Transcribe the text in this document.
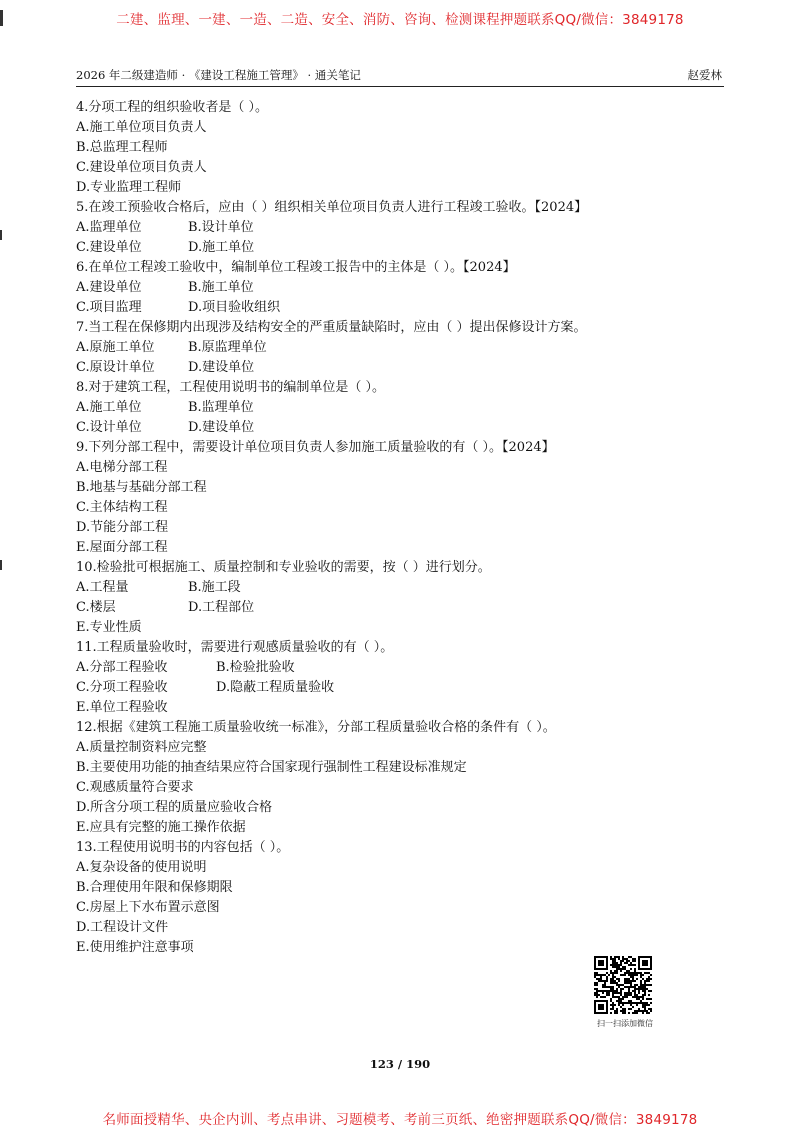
二建、监理、一建、一造、二造、安全、消防、咨询、检测课程押题联系QQ/微信：3849178
2026 年二级建造师 · 《建设工程施工管理》 · 通关笔记	赵爱林
4.分项工程的组织验收者是（ ）。
A.施工单位项目负责人
B.总监理工程师
C.建设单位项目负责人
D.专业监理工程师
5.在竣工预验收合格后，应由（ ）组织相关单位项目负责人进行工程竣工验收。【2024】
A.监理单位	B.设计单位
C.建设单位	D.施工单位
6.在单位工程竣工验收中，编制单位工程竣工报告中的主体是（ ）。【2024】
A.建设单位	B.施工单位
C.项目监理	D.项目验收组织
7.当工程在保修期内出现涉及结构安全的严重质量缺陷时，应由（ ）提出保修设计方案。
A.原施工单位	B.原监理单位
C.原设计单位	D.建设单位
8.对于建筑工程，工程使用说明书的编制单位是（ ）。
A.施工单位	B.监理单位
C.设计单位	D.建设单位
9.下列分部工程中，需要设计单位项目负责人参加施工质量验收的有（ ）。【2024】
A.电梯分部工程
B.地基与基础分部工程
C.主体结构工程
D.节能分部工程
E.屋面分部工程
10.检验批可根据施工、质量控制和专业验收的需要，按（ ）进行划分。
A.工程量	B.施工段
C.楼层	D.工程部位
E.专业性质
11.工程质量验收时，需要进行观感质量验收的有（ ）。
A.分部工程验收	B.检验批验收
C.分项工程验收	D.隐蔽工程质量验收
E.单位工程验收
12.根据《建筑工程施工质量验收统一标准》，分部工程质量验收合格的条件有（ ）。
A.质量控制资料应完整
B.主要使用功能的抽查结果应符合国家现行强制性工程建设标准规定
C.观感质量符合要求
D.所含分项工程的质量应验收合格
E.应具有完整的施工操作依据
13.工程使用说明书的内容包括（ ）。
A.复杂设备的使用说明
B.合理使用年限和保修期限
C.房屋上下水布置示意图
D.工程设计文件
E.使用维护注意事项
扫一扫添加微信
123 / 190
名师面授精华、央企内训、考点串讲、习题模考、考前三页纸、绝密押题联系QQ/微信：3849178
